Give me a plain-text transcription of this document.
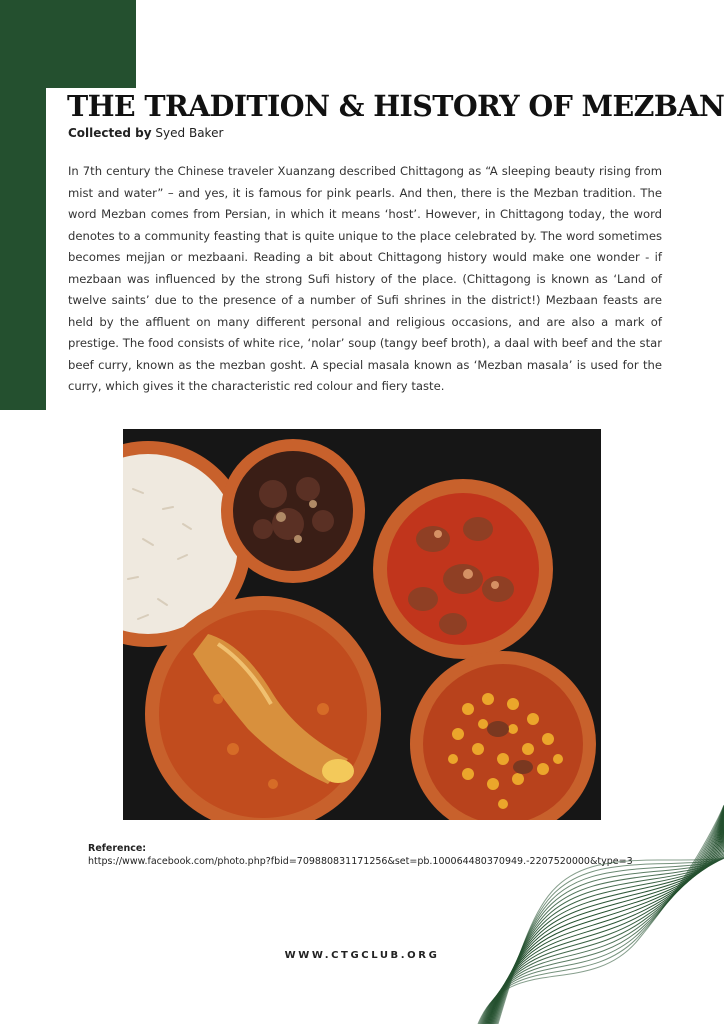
THE TRADITION & HISTORY OF MEZBAN
Collected by Syed Baker

In 7th century the Chinese traveler Xuanzang described Chittagong as “A sleeping beauty rising from mist and water” – and yes, it is famous for pink pearls. And then, there is the Mezban tradition. The word Mezban comes from Persian, in which it means ‘host’. However, in Chittagong today, the word denotes to a community feasting that is quite unique to the place celebrated by. The word sometimes becomes mejjan or mezbaani. Reading a bit about Chittagong history would make one wonder - if mezbaan was influenced by the strong Sufi history of the place. (Chittagong is known as ‘Land of twelve saints’ due to the presence of a number of Sufi shrines in the district!) Mezbaan feasts are held by the affluent on many different personal and religious occasions, and are also a mark of prestige. The food consists of white rice, ‘nolar’ soup (tangy beef broth), a daal with beef and the star beef curry, known as the mezban gosht. A special masala known as ‘Mezban masala’ is used for the curry, which gives it the characteristic red colour and fiery taste.

Reference:
https://www.facebook.com/photo.php?fbid=709880831171256&set=pb.100064480370949.-2207520000&type=3
WWW.CTGCLUB.ORG
